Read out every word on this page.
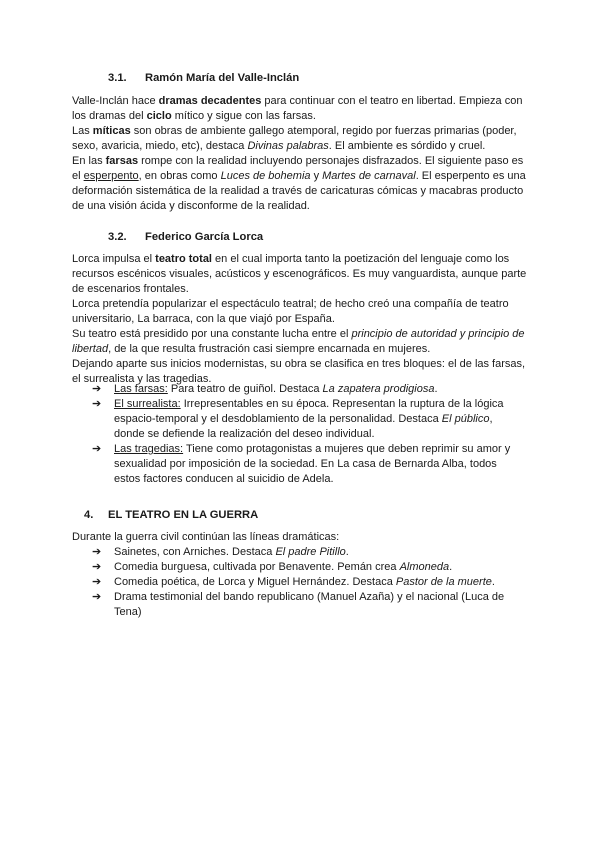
3.1. Ramón María del Valle-Inclán

Valle-Inclán hace dramas decadentes para continuar con el teatro en libertad. Empieza con los dramas del ciclo mítico y sigue con las farsas.

Las míticas son obras de ambiente gallego atemporal, regido por fuerzas primarias (poder, sexo, avaricia, miedo, etc), destaca Divinas palabras. El ambiente es sórdido y cruel.

En las farsas rompe con la realidad incluyendo personajes disfrazados. El siguiente paso es el esperpento, en obras como Luces de bohemia y Martes de carnaval. El esperpento es una deformación sistemática de la realidad a través de caricaturas cómicas y macabras producto de una visión ácida y disconforme de la realidad.

3.2. Federico García Lorca

Lorca impulsa el teatro total en el cual importa tanto la poetización del lenguaje como los recursos escénicos visuales, acústicos y escenográficos. Es muy vanguardista, aunque parte de escenarios frontales.

Lorca pretendía popularizar el espectáculo teatral; de hecho creó una compañía de teatro universitario, La barraca, con la que viajó por España.

Su teatro está presidido por una constante lucha entre el principio de autoridad y principio de libertad, de la que resulta frustración casi siempre encarnada en mujeres.

Dejando aparte sus inicios modernistas, su obra se clasifica en tres bloques: el de las farsas, el surrealista y las tragedias.

➔ Las farsas: Para teatro de guiñol. Destaca La zapatera prodigiosa.
➔ El surrealista: Irrepresentables en su época. Representan la ruptura de la lógica espacio-temporal y el desdoblamiento de la personalidad. Destaca El público, donde se defiende la realización del deseo individual.
➔ Las tragedias: Tiene como protagonistas a mujeres que deben reprimir su amor y sexualidad por imposición de la sociedad. En La casa de Bernarda Alba, todos estos factores conducen al suicidio de Adela.
4. EL TEATRO EN LA GUERRA

Durante la guerra civil continúan las líneas dramáticas:

➔ Sainetes, con Arniches. Destaca El padre Pitillo.
➔ Comedia burguesa, cultivada por Benavente. Pemán crea Almoneda.
➔ Comedia poética, de Lorca y Miguel Hernández. Destaca Pastor de la muerte.
➔ Drama testimonial del bando republicano (Manuel Azaña) y el nacional (Luca de Tena)
